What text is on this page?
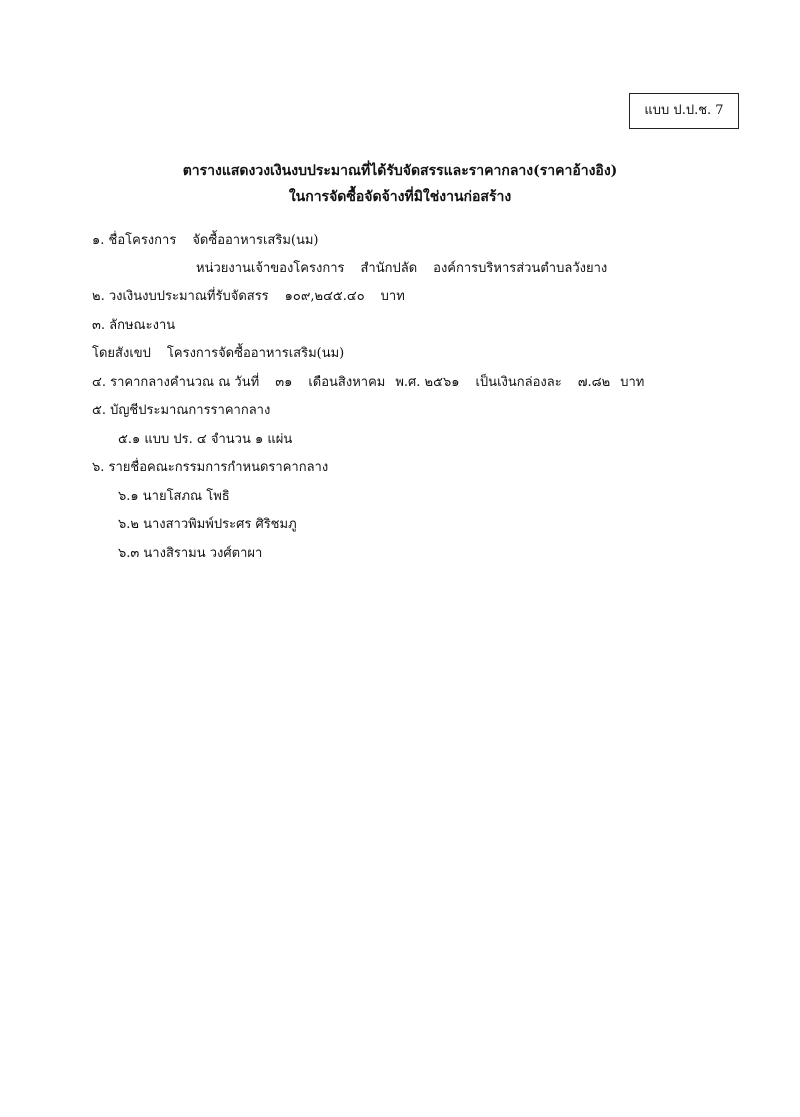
แบบ ป.ป.ช. 7
ตารางแสดงวงเงินงบประมาณที่ได้รับจัดสรรและราคากลาง(ราคาอ้างอิง)
ในการจัดซื้อจัดจ้างที่มิใช่งานก่อสร้าง
๑. ชื่อโครงการ จัดซื้ออาหารเสริม(นม)
หน่วยงานเจ้าของโครงการ สำนักปลัด องค์การบริหารส่วนตำบลวังยาง
๒. วงเงินงบประมาณที่รับจัดสรร ๑๐๙,๒๔๕.๔๐ บาท
๓. ลักษณะงาน
โดยสังเขป โครงการจัดซื้ออาหารเสริม(นม)
๔. ราคากลางคำนวณ ณ วันที่ ๓๑ เดือนสิงหาคม พ.ศ. ๒๕๖๑ เป็นเงินกล่องละ ๗.๘๒ บาท
๕. บัญชีประมาณการราคากลาง
๕.๑ แบบ ปร. ๔ จำนวน ๑ แผ่น
๖. รายชื่อคณะกรรมการกำหนดราคากลาง
๖.๑ นายโสภณ โพธิ
๖.๒ นางสาวพิมพ์ประศร ศิริชมภู
๖.๓ นางสิรามน วงศ์ตาผา
